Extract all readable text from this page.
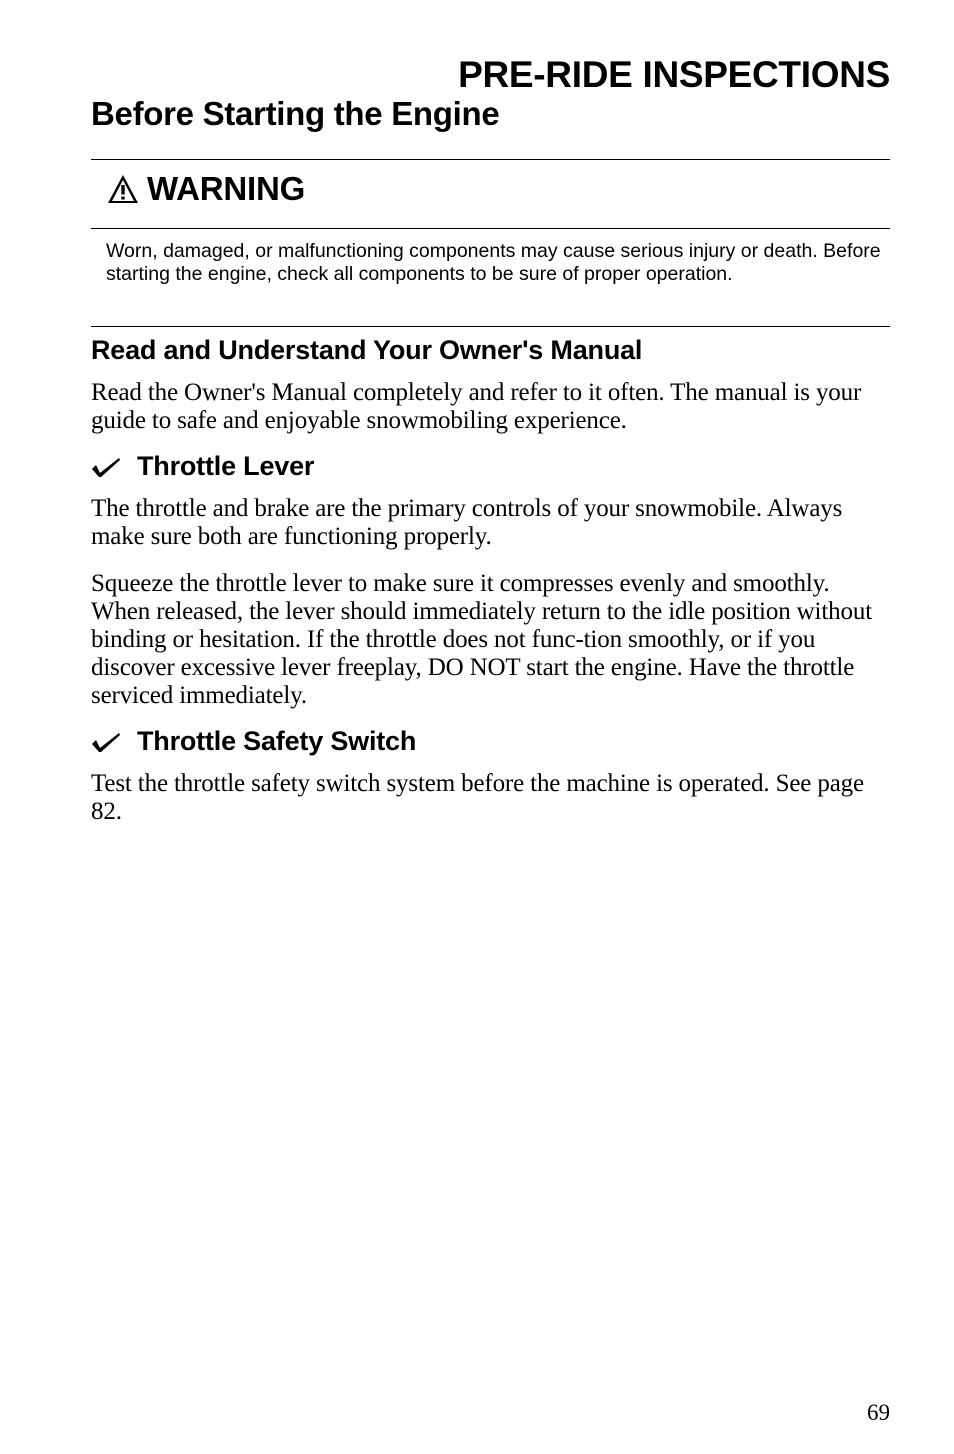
PRE-RIDE INSPECTIONS
Before Starting the Engine
WARNING

Worn, damaged, or malfunctioning components may cause serious injury or death. Before starting the engine, check all components to be sure of proper operation.

Read and Understand Your Owner's Manual

Read the Owner's Manual completely and refer to it often. The manual is your guide to safe and enjoyable snowmobiling experience.

Throttle Lever

The throttle and brake are the primary controls of your snowmobile. Always make sure both are functioning properly.

Squeeze the throttle lever to make sure it compresses evenly and smoothly. When released, the lever should immediately return to the idle position without binding or hesitation. If the throttle does not func-tion smoothly, or if you discover excessive lever freeplay, DO NOT start the engine. Have the throttle serviced immediately.

Throttle Safety Switch

Test the throttle safety switch system before the machine is operated. See page 82.

69
